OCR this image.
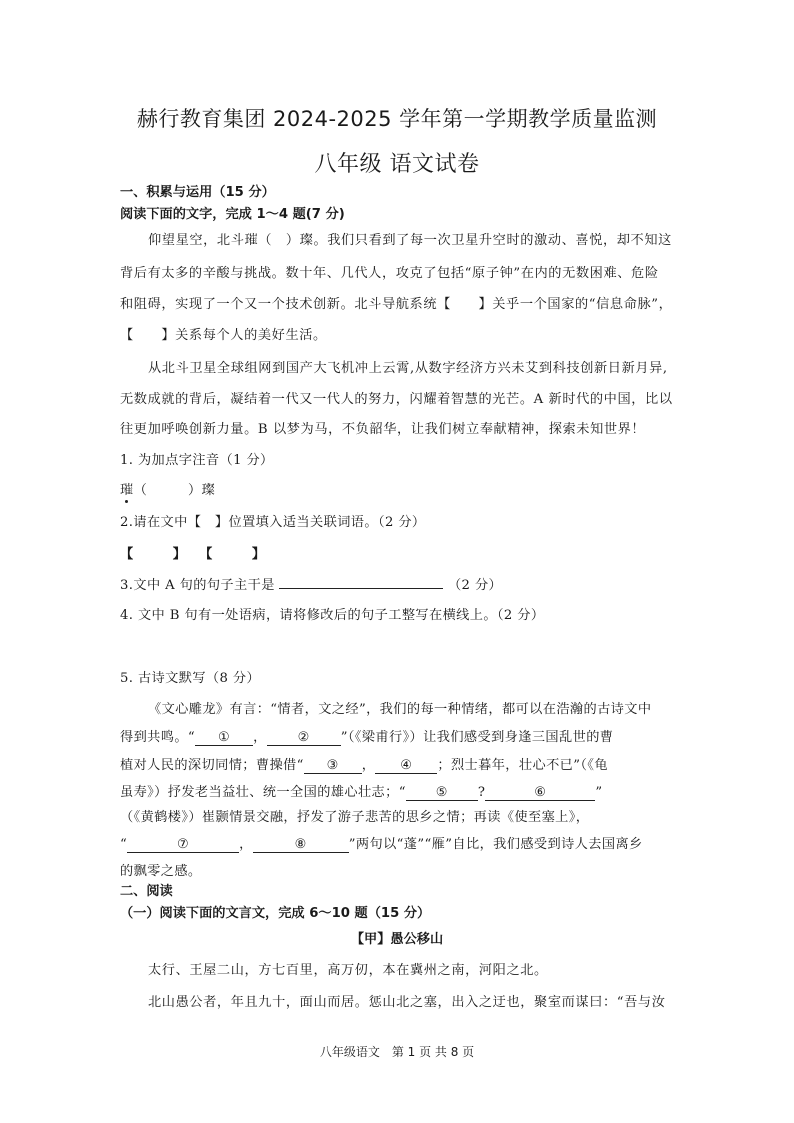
赫行教育集团 2024-2025 学年第一学期教学质量监测
八年级 语文试卷
一、积累与运用（15 分）
阅读下面的文字，完成 1～4 题(7 分)
仰望星空，北斗璀（　）璨。我们只看到了每一次卫星升空时的激动、喜悦，却不知这
背后有太多的辛酸与挑战。数十年、几代人，攻克了包括“原子钟”在内的无数困难、危险
和阻碍，实现了一个又一个技术创新。北斗导航系统【　　】关乎一个国家的“信息命脉”，
【　　】关系每个人的美好生活。
从北斗卫星全球组网到国产大飞机冲上云霄,从数字经济方兴未艾到科技创新日新月异,
无数成就的背后，凝结着一代又一代人的努力，闪耀着智慧的光芒。A 新时代的中国，比以
往更加呼唤创新力量。B 以梦为马，不负韶华，让我们树立奉献精神，探索未知世界！
1. 为加点字注音（1 分）
璀（　　　）璨
2.请在文中【　】位置填入适当关联词语。（2 分）
【　　　】　　【　　　】
3.文中 A 句的句子主干是	（2 分）
4. 文中 B 句有一处语病，请将修改后的句子工整写在横线上。（2 分）
5. 古诗文默写（8 分）
《文心雕龙》有言：“情者，文之经”，我们的每一种情绪，都可以在浩瀚的古诗文中
得到共鸣。“ ① ， ② ”（《梁甫行》）让我们感受到身逢三国乱世的曹
植对人民的深切同情；曹操借“ ③ ， ④ ；烈士暮年，壮心不已”（《龟
虽寿》）抒发老当益壮、统一全国的雄心壮志；“ ⑤ ?	⑥	”
（《黄鹤楼》）崔颢情景交融，抒发了游子悲苦的思乡之情；再读《使至塞上》，
“	⑦	，	⑧	”两句以“蓬”“雁”自比，我们感受到诗人去国离乡
的飘零之感。
二、阅读
（一）阅读下面的文言文，完成 6～10 题（15 分）
【甲】愚公移山
太行、王屋二山，方七百里，高万仞，本在冀州之南，河阳之北。
北山愚公者，年且九十，面山而居。惩山北之塞，出入之迂也，聚室而谋曰：“吾与汝
八年级语文　第 1 页 共 8 页
